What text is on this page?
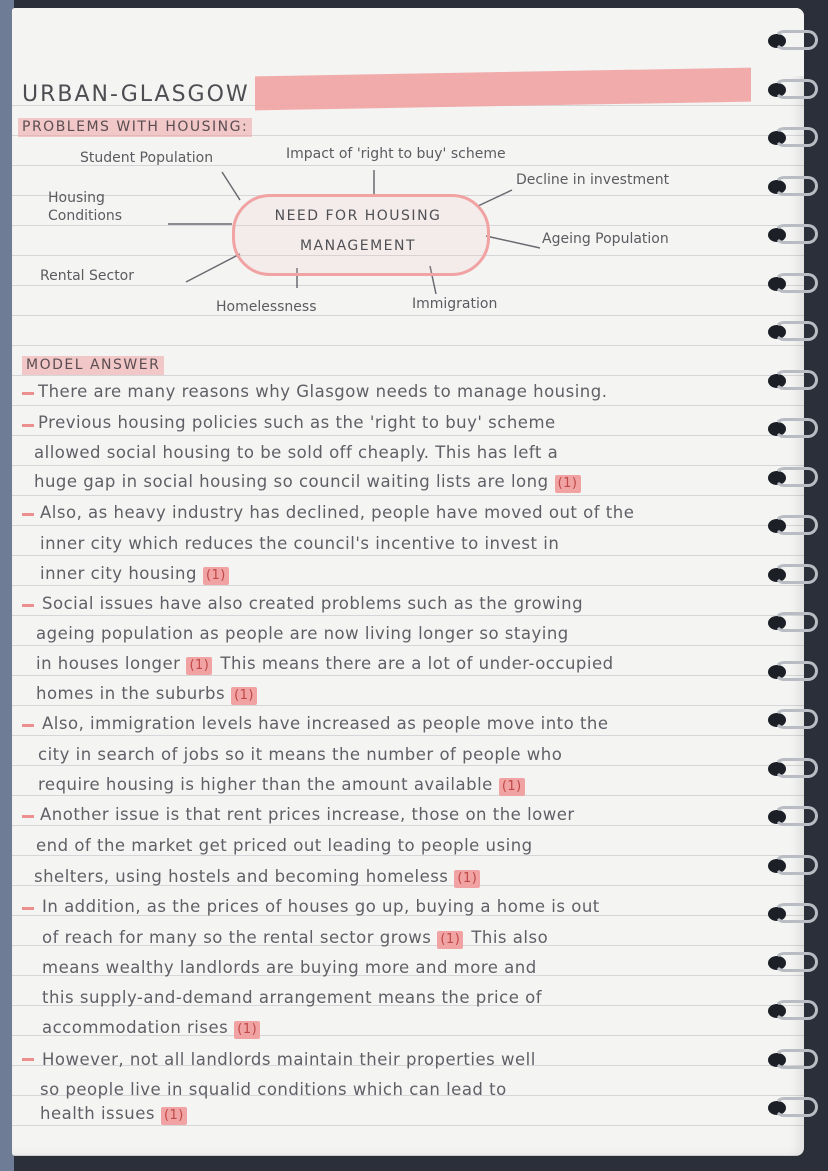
URBAN-GLASGOW
PROBLEMS WITH HOUSING:
NEED FOR HOUSING
MANAGEMENT
Student Population	Impact of 'right to buy' scheme
Decline in investment
Housing
Conditions
Ageing Population
Rental Sector
Homelessness	Immigration
MODEL ANSWER
There are many reasons why Glasgow needs to manage housing.
Previous housing policies such as the 'right to buy' scheme
allowed social housing to be sold off cheaply. This has left a
huge gap in social housing so council waiting lists are long (1)
Also, as heavy industry has declined, people have moved out of the
inner city which reduces the council's incentive to invest in
inner city housing (1)
Social issues have also created problems such as the growing
ageing population as people are now living longer so staying
in houses longer (1) This means there are a lot of under-occupied
homes in the suburbs (1)
Also, immigration levels have increased as people move into the
city in search of jobs so it means the number of people who
require housing is higher than the amount available (1)
Another issue is that rent prices increase, those on the lower
end of the market get priced out leading to people using
shelters, using hostels and becoming homeless (1)
In addition, as the prices of houses go up, buying a home is out
of reach for many so the rental sector grows (1) This also
means wealthy landlords are buying more and more and
this supply-and-demand arrangement means the price of
accommodation rises (1)
However, not all landlords maintain their properties well
so people live in squalid conditions which can lead to
health issues (1)
